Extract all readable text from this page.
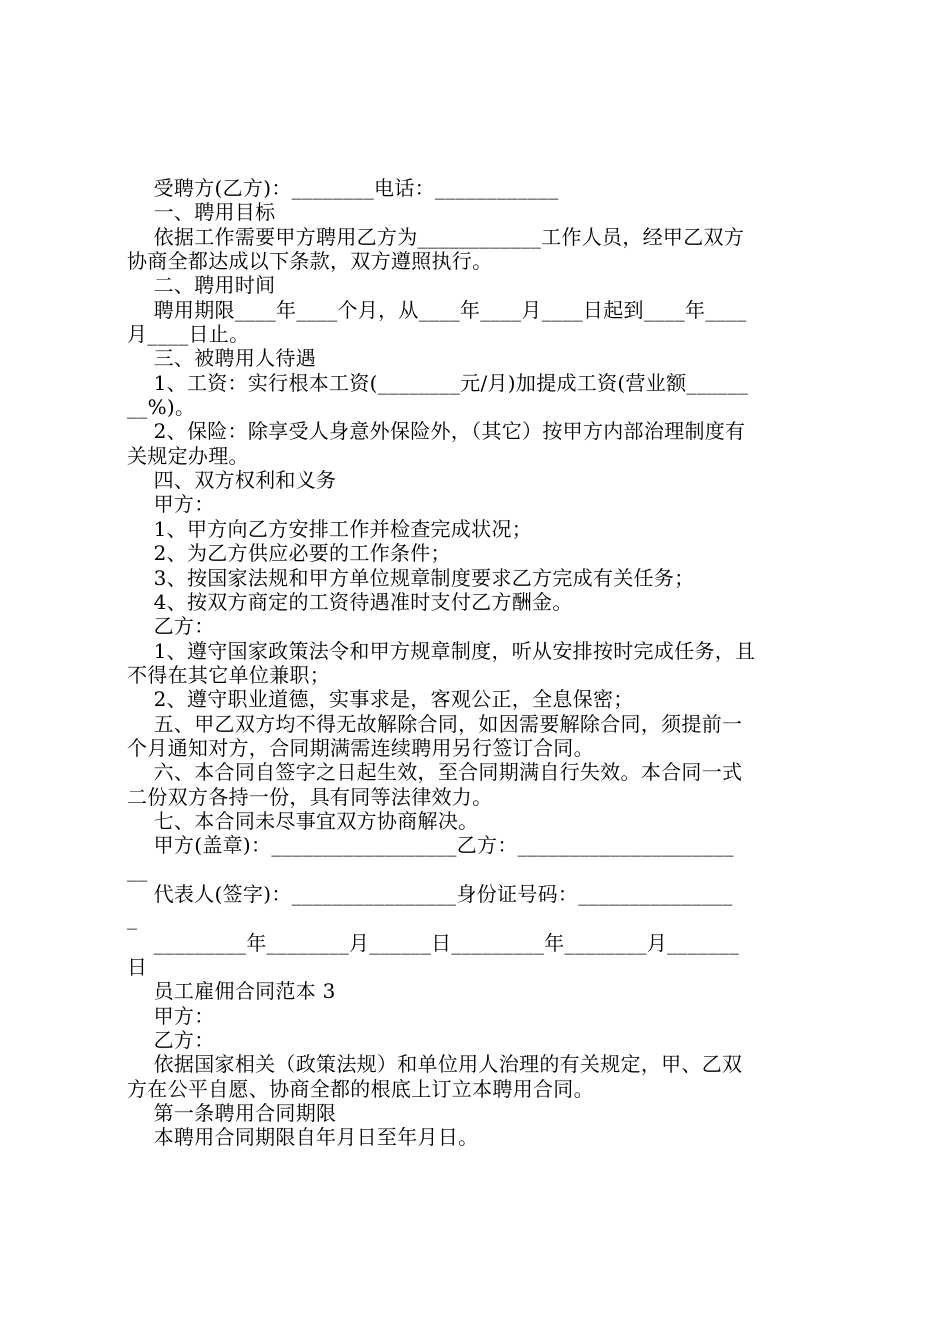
受聘方(乙方)：________电话：____________
一、聘用目标
依据工作需要甲方聘用乙方为____________工作人员，经甲乙双方
协商全都达成以下条款，双方遵照执行。
二、聘用时间
聘用期限____年____个月，从____年____月____日起到____年____
月____日止。
三、被聘用人待遇
1、工资：实行根本工资(________元/月)加提成工资(营业额______
__%)。
2、保险：除享受人身意外保险外，（其它）按甲方内部治理制度有
关规定办理。
四、双方权利和义务
甲方：
1、甲方向乙方安排工作并检查完成状况；
2、为乙方供应必要的工作条件；
3、按国家法规和甲方单位规章制度要求乙方完成有关任务；
4、按双方商定的工资待遇准时支付乙方酬金。
乙方：
1、遵守国家政策法令和甲方规章制度，听从安排按时完成任务，且
不得在其它单位兼职；
2、遵守职业道德，实事求是，客观公正，全息保密；
五、甲乙双方均不得无故解除合同，如因需要解除合同，须提前一
个月通知对方，合同期满需连续聘用另行签订合同。
六、本合同自签字之日起生效，至合同期满自行失效。本合同一式
二份双方各持一份，具有同等法律效力。
七、本合同未尽事宜双方协商解决。
甲方(盖章)：__________________乙方：_____________________
__
代表人(签字)：________________身份证号码：_______________
_
_________年________月______日_________年________月_______
日
员工雇佣合同范本 3
甲方：
乙方：
依据国家相关（政策法规）和单位用人治理的有关规定，甲、乙双
方在公平自愿、协商全都的根底上订立本聘用合同。
第一条聘用合同期限
本聘用合同期限自年月日至年月日。
